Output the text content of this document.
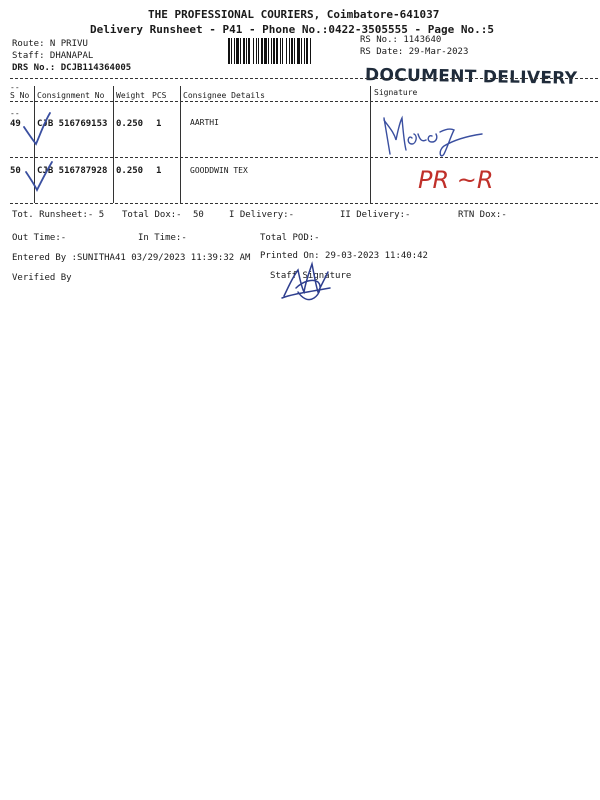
THE PROFESSIONAL COURIERS, Coimbatore-641037
Delivery Runsheet - P41 - Phone No.:0422-3505555 - Page No.:5
Route: N PRIVU
Staff: DHANAPAL
DRS No.: DCJB114364005
RS No.: 1143640
RS Date: 29-Mar-2023
DOCUMENT DELIVERY
--
S No Consignment No Weight PCS Consignee Details	Signature
--
49 CJB 516769153 0.250 1	AARTHI
50 CJB 516787928 0.250 1	GOODDWIN TEX	PR ~R
Tot. Runsheet:- 5 Total Dox:- 50	I Delivery:-	II Delivery:-	RTN Dox:-
Out Time:-	In Time:-	Total POD:-
Entered By :SUNITHA41 03/29/2023 11:39:32 AM Printed On: 29-03-2023 11:40:42
Verified By	Staff Signature
